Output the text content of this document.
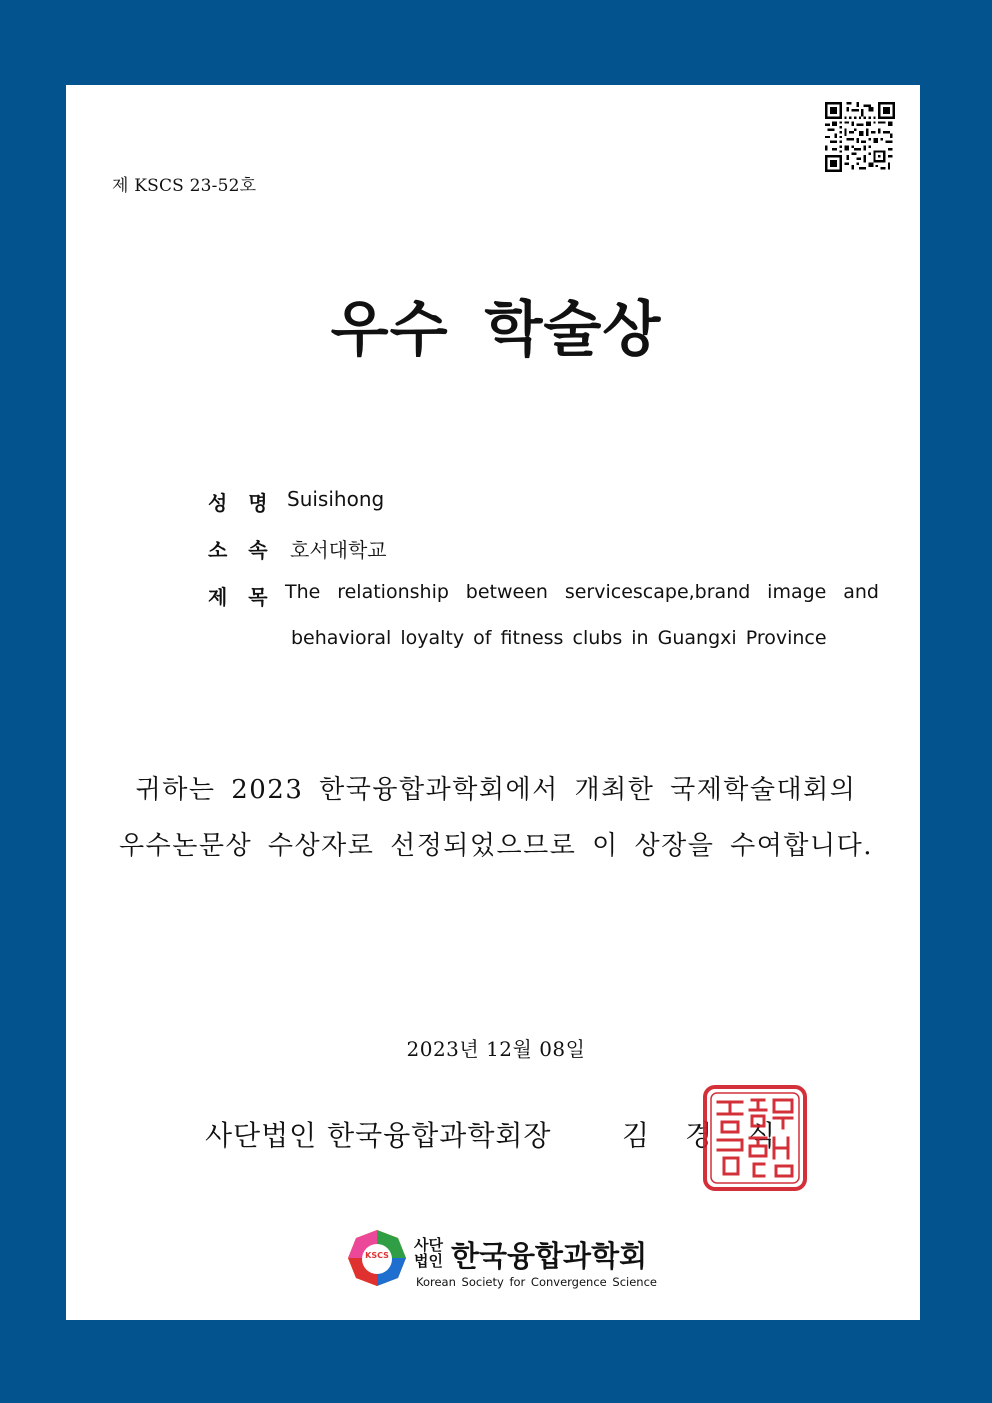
제 KSCS 23-52호
우수 학술상
성 명 Suisihong
소 속 호서대학교
제 목 The relationship between servicescape,brand image and
behavioral loyalty of fitness clubs in Guangxi Province
귀하는 2023 한국융합과학회에서 개최한 국제학술대회의
우수논문상 수상자로 선정되었으므로 이 상장을 수여합니다.
2023년 12월 08일
사단법인 한국융합과학회장	김경식
KSCS
사단
법인 한국융합과학회
Korean Society for Convergence Science
